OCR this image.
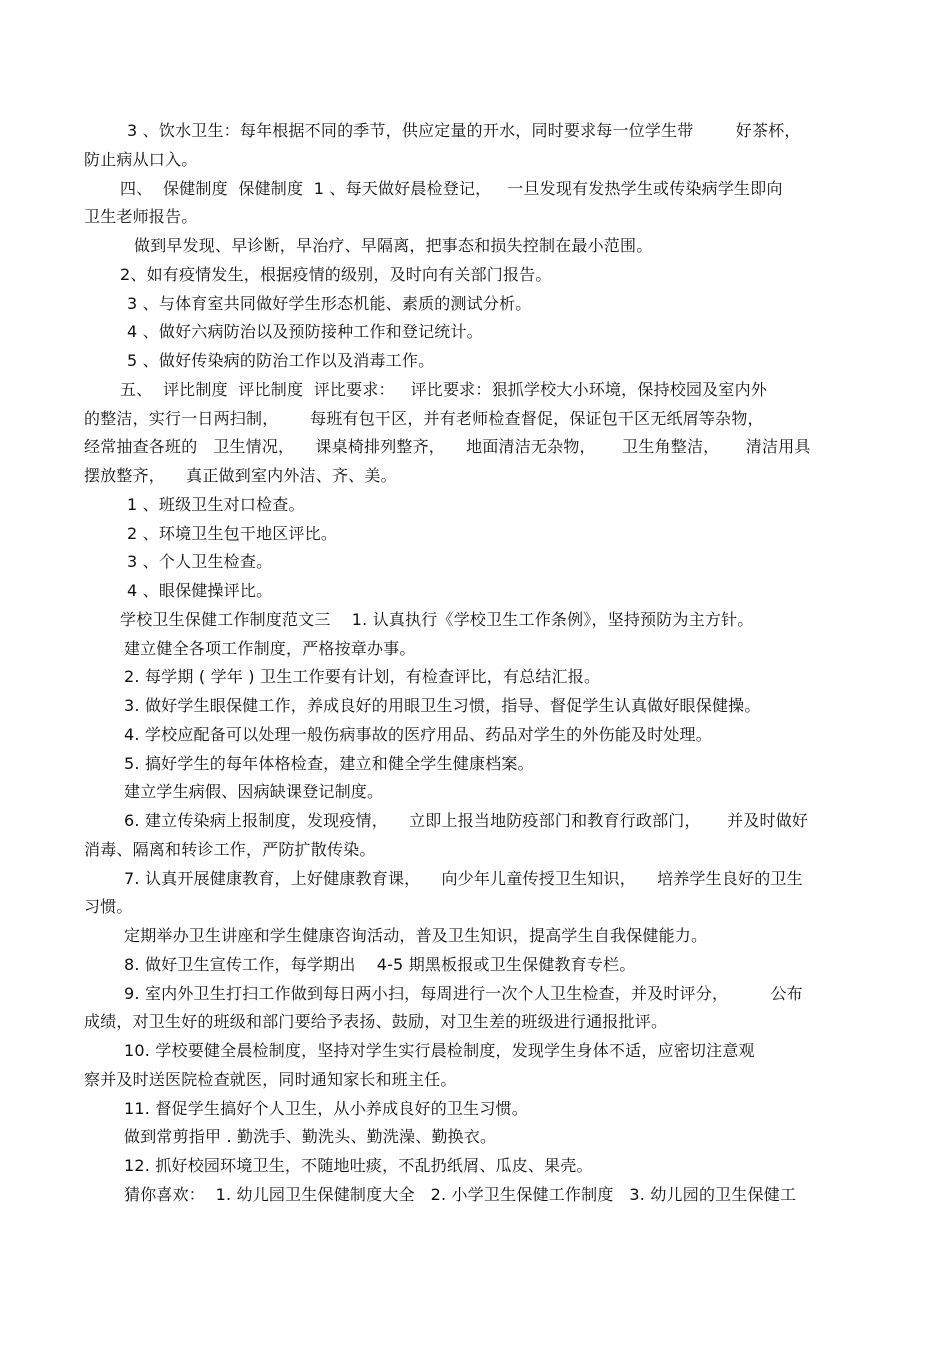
3 、饮水卫生：每年根据不同的季节，供应定量的开水，同时要求每一位学生带        好茶杯，
防止病从口入。
四、  保健制度  保健制度  1 、每天做好晨检登记，   一旦发现有发热学生或传染病学生即向
卫生老师报告。
做到早发现、早诊断，早治疗、早隔离，把事态和损失控制在最小范围。
2、如有疫情发生，根据疫情的级别，及时向有关部门报告。
3 、与体育室共同做好学生形态机能、素质的测试分析。
4 、做好六病防治以及预防接种工作和登记统计。
5 、做好传染病的防治工作以及消毒工作。
五、  评比制度  评比制度  评比要求：   评比要求：狠抓学校大小环境，保持校园及室内外
的整洁，实行一日两扫制，      每班有包干区，并有老师检查督促，保证包干区无纸屑等杂物，
经常抽查各班的   卫生情况，    课桌椅排列整齐，    地面清洁无杂物，     卫生角整洁，     清洁用具
摆放整齐，    真正做到室内外洁、齐、美。
1 、班级卫生对口检查。
2 、环境卫生包干地区评比。
3 、个人卫生检查。
4 、眼保健操评比。
学校卫生保健工作制度范文三    1. 认真执行《学校卫生工作条例》，坚持预防为主方针。
建立健全各项工作制度，严格按章办事。
2. 每学期 ( 学年 ) 卫生工作要有计划，有检查评比，有总结汇报。
3. 做好学生眼保健工作，养成良好的用眼卫生习惯，指导、督促学生认真做好眼保健操。
4. 学校应配备可以处理一般伤病事故的医疗用品、药品对学生的外伤能及时处理。
5. 搞好学生的每年体格检查，建立和健全学生健康档案。
建立学生病假、因病缺课登记制度。
6. 建立传染病上报制度，发现疫情，    立即上报当地防疫部门和教育行政部门，     并及时做好
消毒、隔离和转诊工作，严防扩散传染。
7. 认真开展健康教育，上好健康教育课，    向少年儿童传授卫生知识，    培养学生良好的卫生
习惯。
定期举办卫生讲座和学生健康咨询活动，普及卫生知识，提高学生自我保健能力。
8. 做好卫生宣传工作，每学期出    4-5 期黑板报或卫生保健教育专栏。
9. 室内外卫生打扫工作做到每日两小扫，每周进行一次个人卫生检查，并及时评分，        公布
成绩，对卫生好的班级和部门要给予表扬、鼓励，对卫生差的班级进行通报批评。
10. 学校要健全晨检制度，坚持对学生实行晨检制度，发现学生身体不适，应密切注意观
察并及时送医院检查就医，同时通知家长和班主任。
11. 督促学生搞好个人卫生，从小养成良好的卫生习惯。
做到常剪指甲 . 勤洗手、勤洗头、勤洗澡、勤换衣。
12. 抓好校园环境卫生，不随地吐痰，不乱扔纸屑、瓜皮、果壳。
猜你喜欢：  1. 幼儿园卫生保健制度大全   2. 小学卫生保健工作制度   3. 幼儿园的卫生保健工
